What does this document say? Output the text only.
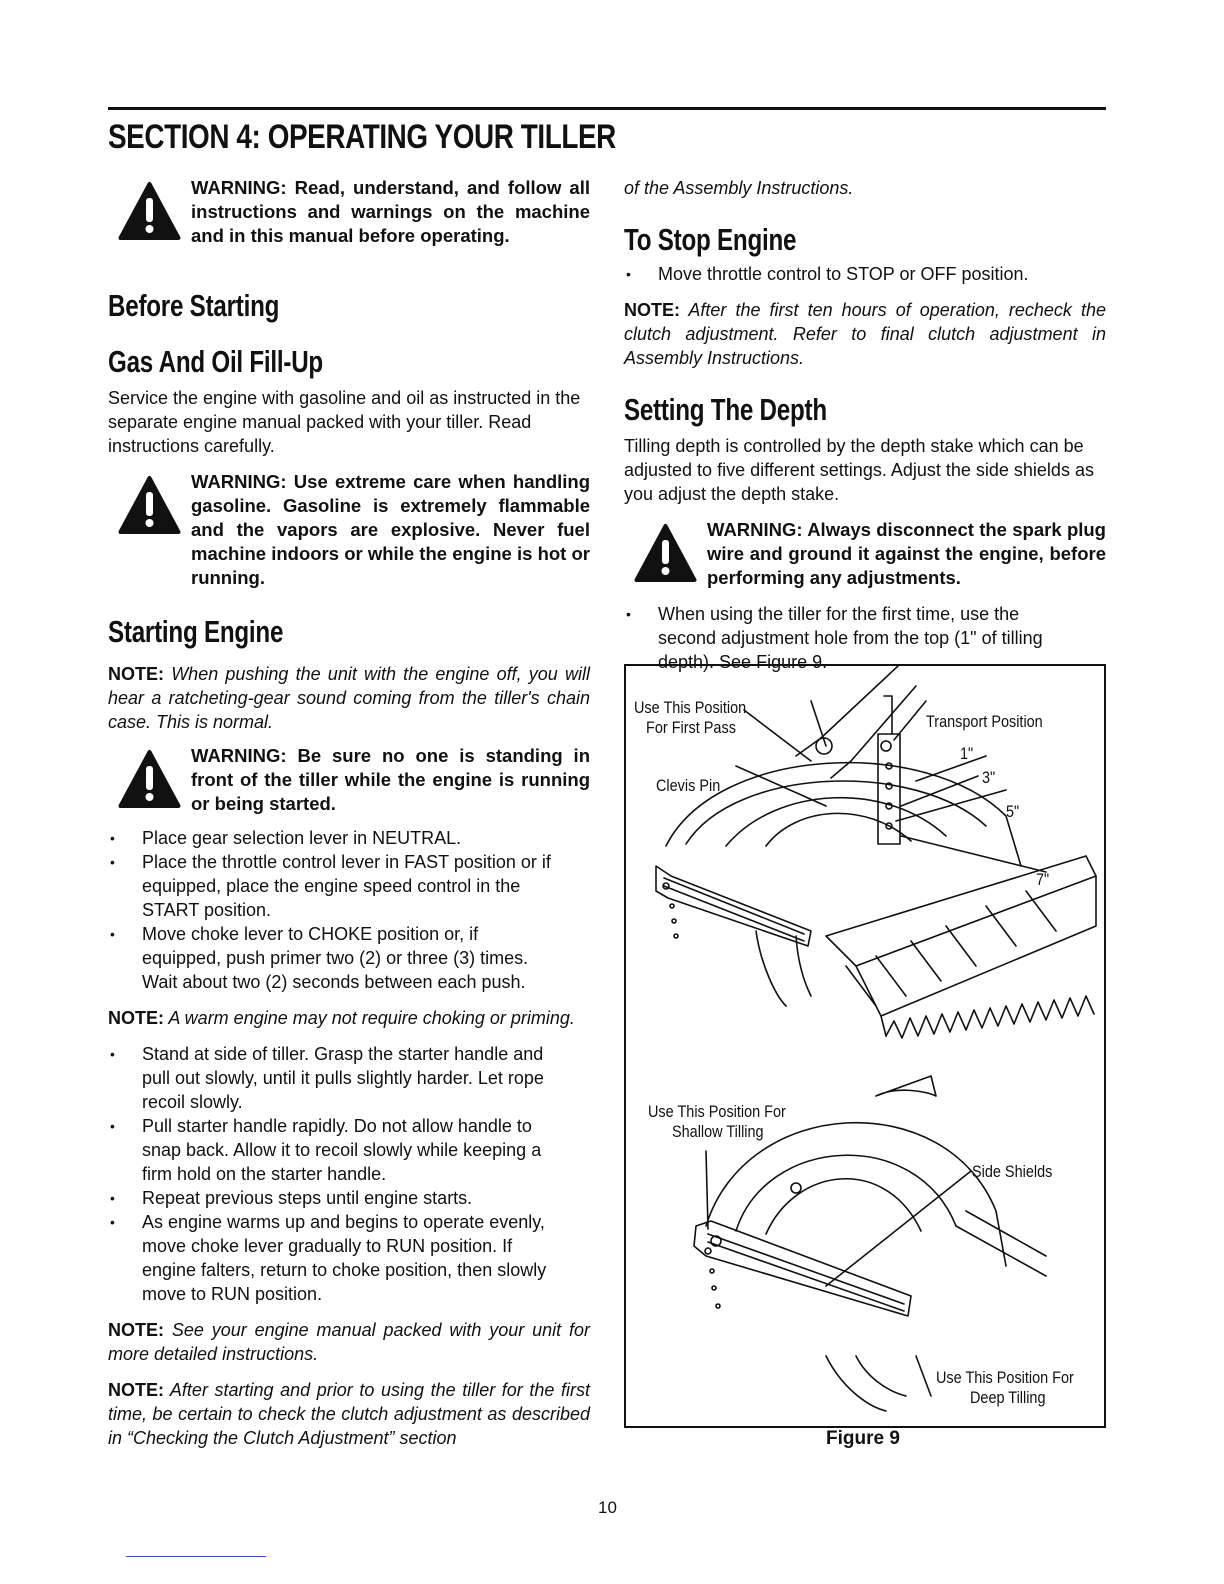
SECTION 4: OPERATING YOUR TILLER

WARNING: Read, understand, and follow all instructions and warnings on the machine and in this manual before operating.

Before Starting
Gas And Oil Fill-Up

Service the engine with gasoline and oil as instructed in the separate engine manual packed with your tiller. Read instructions carefully.

WARNING: Use extreme care when handling gasoline. Gasoline is extremely flammable and the vapors are explosive. Never fuel machine indoors or while the engine is hot or running.

Starting Engine

NOTE: When pushing the unit with the engine off, you will hear a ratcheting-gear sound coming from the tiller's chain case. This is normal.

WARNING: Be sure no one is standing in front of the tiller while the engine is running or being started.

• Place gear selection lever in NEUTRAL.
• Place the throttle control lever in FAST position or if equipped, place the engine speed control in the START position.
• Move choke lever to CHOKE position or, if equipped, push primer two (2) or three (3) times. Wait about two (2) seconds between each push.

NOTE: A warm engine may not require choking or priming.

• Stand at side of tiller. Grasp the starter handle and pull out slowly, until it pulls slightly harder. Let rope recoil slowly.
• Pull starter handle rapidly. Do not allow handle to snap back. Allow it to recoil slowly while keeping a firm hold on the starter handle.
• Repeat previous steps until engine starts.
• As engine warms up and begins to operate evenly, move choke lever gradually to RUN position. If engine falters, return to choke position, then slowly move to RUN position.

NOTE: See your engine manual packed with your unit for more detailed instructions.

NOTE: After starting and prior to using the tiller for the first time, be certain to check the clutch adjustment as described in “Checking the Clutch Adjustment” section

of the Assembly Instructions.

To Stop Engine
• Move throttle control to STOP or OFF position.

NOTE: After the first ten hours of operation, recheck the clutch adjustment. Refer to final clutch adjustment in Assembly Instructions.

Setting The Depth

Tilling depth is controlled by the depth stake which can be adjusted to five different settings. Adjust the side shields as you adjust the depth stake.

WARNING: Always disconnect the spark plug wire and ground it against the engine, before performing any adjustments.

• When using the tiller for the first time, use the second adjustment hole from the top (1" of tilling depth). See Figure 9.
Use This Position
For First Pass	Transport Position
Clevis Pin
1"
3"
5"
7"
Use This Position For
Shallow Tilling
Side Shields
Use This Position For
Deep Tilling
Figure 9
10
